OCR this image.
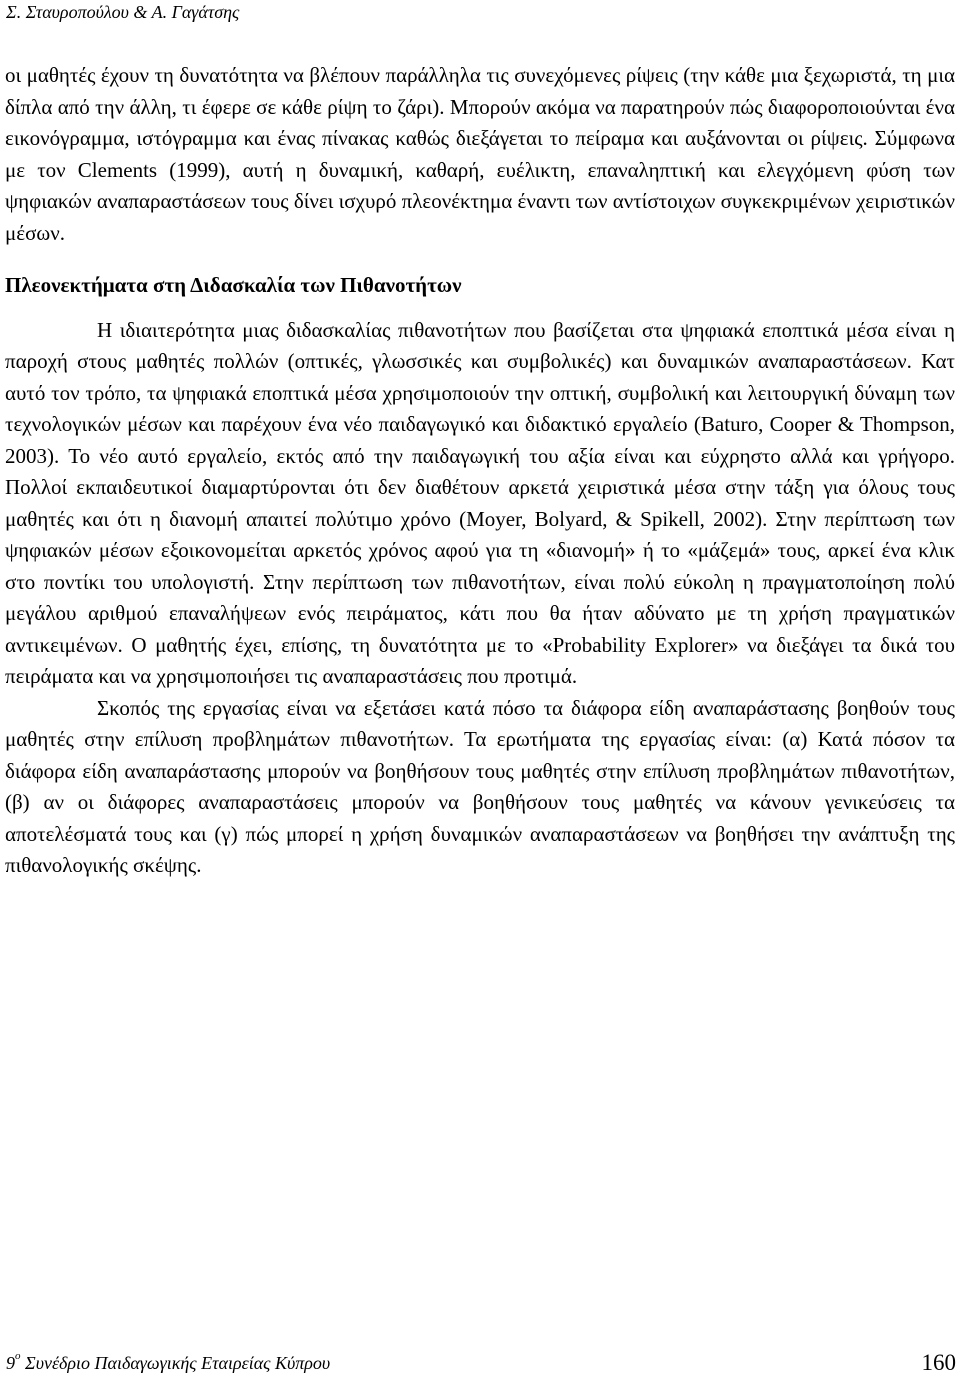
Σ. Σταυροπούλου & Α. Γαγάτσης

οι μαθητές έχουν τη δυνατότητα να βλέπουν παράλληλα τις συνεχόμενες ρίψεις (την κάθε μια ξεχωριστά, τη μια δίπλα από την άλλη, τι έφερε σε κάθε ρίψη το ζάρι). Μπορούν ακόμα να παρατηρούν πώς διαφοροποιούνται ένα εικονόγραμμα, ιστόγραμμα και ένας πίνακας καθώς διεξάγεται το πείραμα και αυξάνονται οι ρίψεις. Σύμφωνα με τον Clements (1999), αυτή η δυναμική, καθαρή, ευέλικτη, επαναληπτική και ελεγχόμενη φύση των ψηφιακών αναπαραστάσεων τους δίνει ισχυρό πλεονέκτημα έναντι των αντίστοιχων συγκεκριμένων χειριστικών μέσων.

Πλεονεκτήματα στη Διδασκαλία των Πιθανοτήτων

Η ιδιαιτερότητα μιας διδασκαλίας πιθανοτήτων που βασίζεται στα ψηφιακά εποπτικά μέσα είναι η παροχή στους μαθητές πολλών (οπτικές, γλωσσικές και συμβολικές) και δυναμικών αναπαραστάσεων. Κατ αυτό τον τρόπο, τα ψηφιακά εποπτικά μέσα χρησιμοποιούν την οπτική, συμβολική και λειτουργική δύναμη των τεχνολογικών μέσων και παρέχουν ένα νέο παιδαγωγικό και διδακτικό εργαλείο (Baturo, Cooper & Thompson, 2003). Το νέο αυτό εργαλείο, εκτός από την παιδαγωγική του αξία είναι και εύχρηστο αλλά και γρήγορο. Πολλοί εκπαιδευτικοί διαμαρτύρονται ότι δεν διαθέτουν αρκετά χειριστικά μέσα στην τάξη για όλους τους μαθητές και ότι η διανομή απαιτεί πολύτιμο χρόνο (Moyer, Bolyard, & Spikell, 2002). Στην περίπτωση των ψηφιακών μέσων εξοικονομείται αρκετός χρόνος αφού για τη «διανομή» ή το «μάζεμά» τους, αρκεί ένα κλικ στο ποντίκι του υπολογιστή. Στην περίπτωση των πιθανοτήτων, είναι πολύ εύκολη η πραγματοποίηση πολύ μεγάλου αριθμού επαναλήψεων ενός πειράματος, κάτι που θα ήταν αδύνατο με τη χρήση πραγματικών αντικειμένων. Ο μαθητής έχει, επίσης, τη δυνατότητα με το «Probability Explorer» να διεξάγει τα δικά του πειράματα και να χρησιμοποιήσει τις αναπαραστάσεις που προτιμά.

Σκοπός της εργασίας είναι να εξετάσει κατά πόσο τα διάφορα είδη αναπαράστασης βοηθούν τους μαθητές στην επίλυση προβλημάτων πιθανοτήτων. Τα ερωτήματα της εργασίας είναι: (α) Κατά πόσον τα διάφορα είδη αναπαράστασης μπορούν να βοηθήσουν τους μαθητές στην επίλυση προβλημάτων πιθανοτήτων, (β) αν οι διάφορες αναπαραστάσεις μπορούν να βοηθήσουν τους μαθητές να κάνουν γενικεύσεις τα αποτελέσματά τους και (γ) πώς μπορεί η χρήση δυναμικών αναπαραστάσεων να βοηθήσει την ανάπτυξη της πιθανολογικής σκέψης.

$9^o$ Συνέδριο Παιδαγωγικής Εταιρείας Κύπρου	160
